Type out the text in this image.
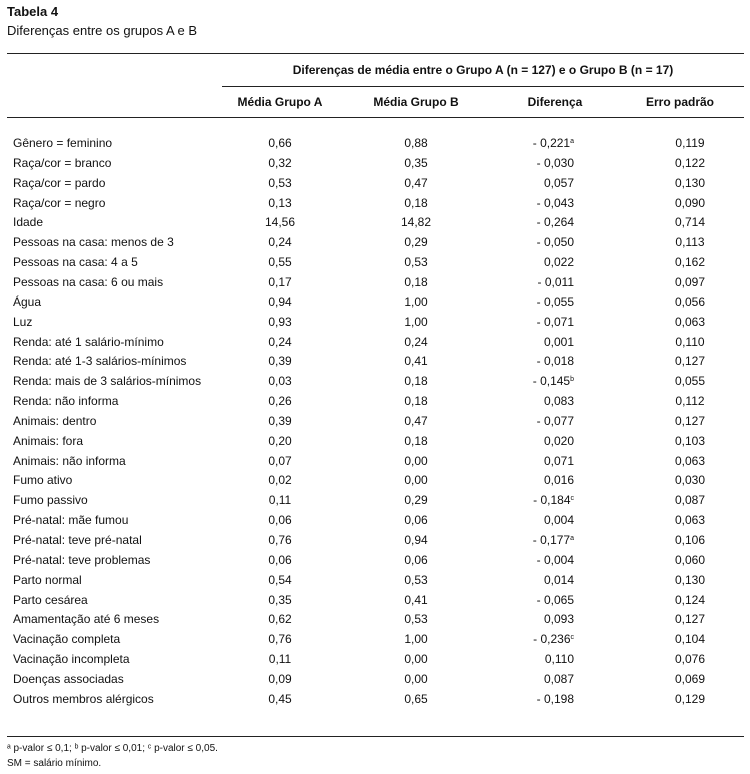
Tabela 4
Diferenças entre os grupos A e B
Diferenças de média entre o Grupo A (n = 127) e o Grupo B (n = 17)
Média Grupo A	Média Grupo B	Diferença	Erro padrão
Gênero = feminino	0,66	0,88	- 0,221$^a$	0,119
Raça/cor = branco	0,32	0,35	- 0,030	0,122
Raça/cor = pardo	0,53	0,47	0,057	0,130
Raça/cor = negro	0,13	0,18	- 0,043	0,090
Idade	14,56	14,82	- 0,264	0,714
Pessoas na casa: menos de 3	0,24	0,29	- 0,050	0,113
Pessoas na casa: 4 a 5	0,55	0,53	0,022	0,162
Pessoas na casa: 6 ou mais	0,17	0,18	- 0,011	0,097
Água	0,94	1,00	- 0,055	0,056
Luz	0,93	1,00	- 0,071	0,063
Renda: até 1 salário-mínimo	0,24	0,24	0,001	0,110
Renda: até 1-3 salários-mínimos	0,39	0,41	- 0,018	0,127
Renda: mais de 3 salários-mínimos	0,03	0,18	- 0,145$^b$	0,055
Renda: não informa	0,26	0,18	0,083	0,112
Animais: dentro	0,39	0,47	- 0,077	0,127
Animais: fora	0,20	0,18	0,020	0,103
Animais: não informa	0,07	0,00	0,071	0,063
Fumo ativo	0,02	0,00	0,016	0,030
Fumo passivo	0,11	0,29	- 0,184$^c$	0,087
Pré-natal: mãe fumou	0,06	0,06	0,004	0,063
Pré-natal: teve pré-natal	0,76	0,94	- 0,177$^a$	0,106
Pré-natal: teve problemas	0,06	0,06	- 0,004	0,060
Parto normal	0,54	0,53	0,014	0,130
Parto cesárea	0,35	0,41	- 0,065	0,124
Amamentação até 6 meses	0,62	0,53	0,093	0,127
Vacinação completa	0,76	1,00	- 0,236$^c$	0,104
Vacinação incompleta	0,11	0,00	0,110	0,076
Doenças associadas	0,09	0,00	0,087	0,069
Outros membros alérgicos	0,45	0,65	- 0,198	0,129
ᵃ p-valor ≤ 0,1; ᵇ p-valor ≤ 0,01; ᶜ p-valor ≤ 0,05.
SM = salário mínimo.
